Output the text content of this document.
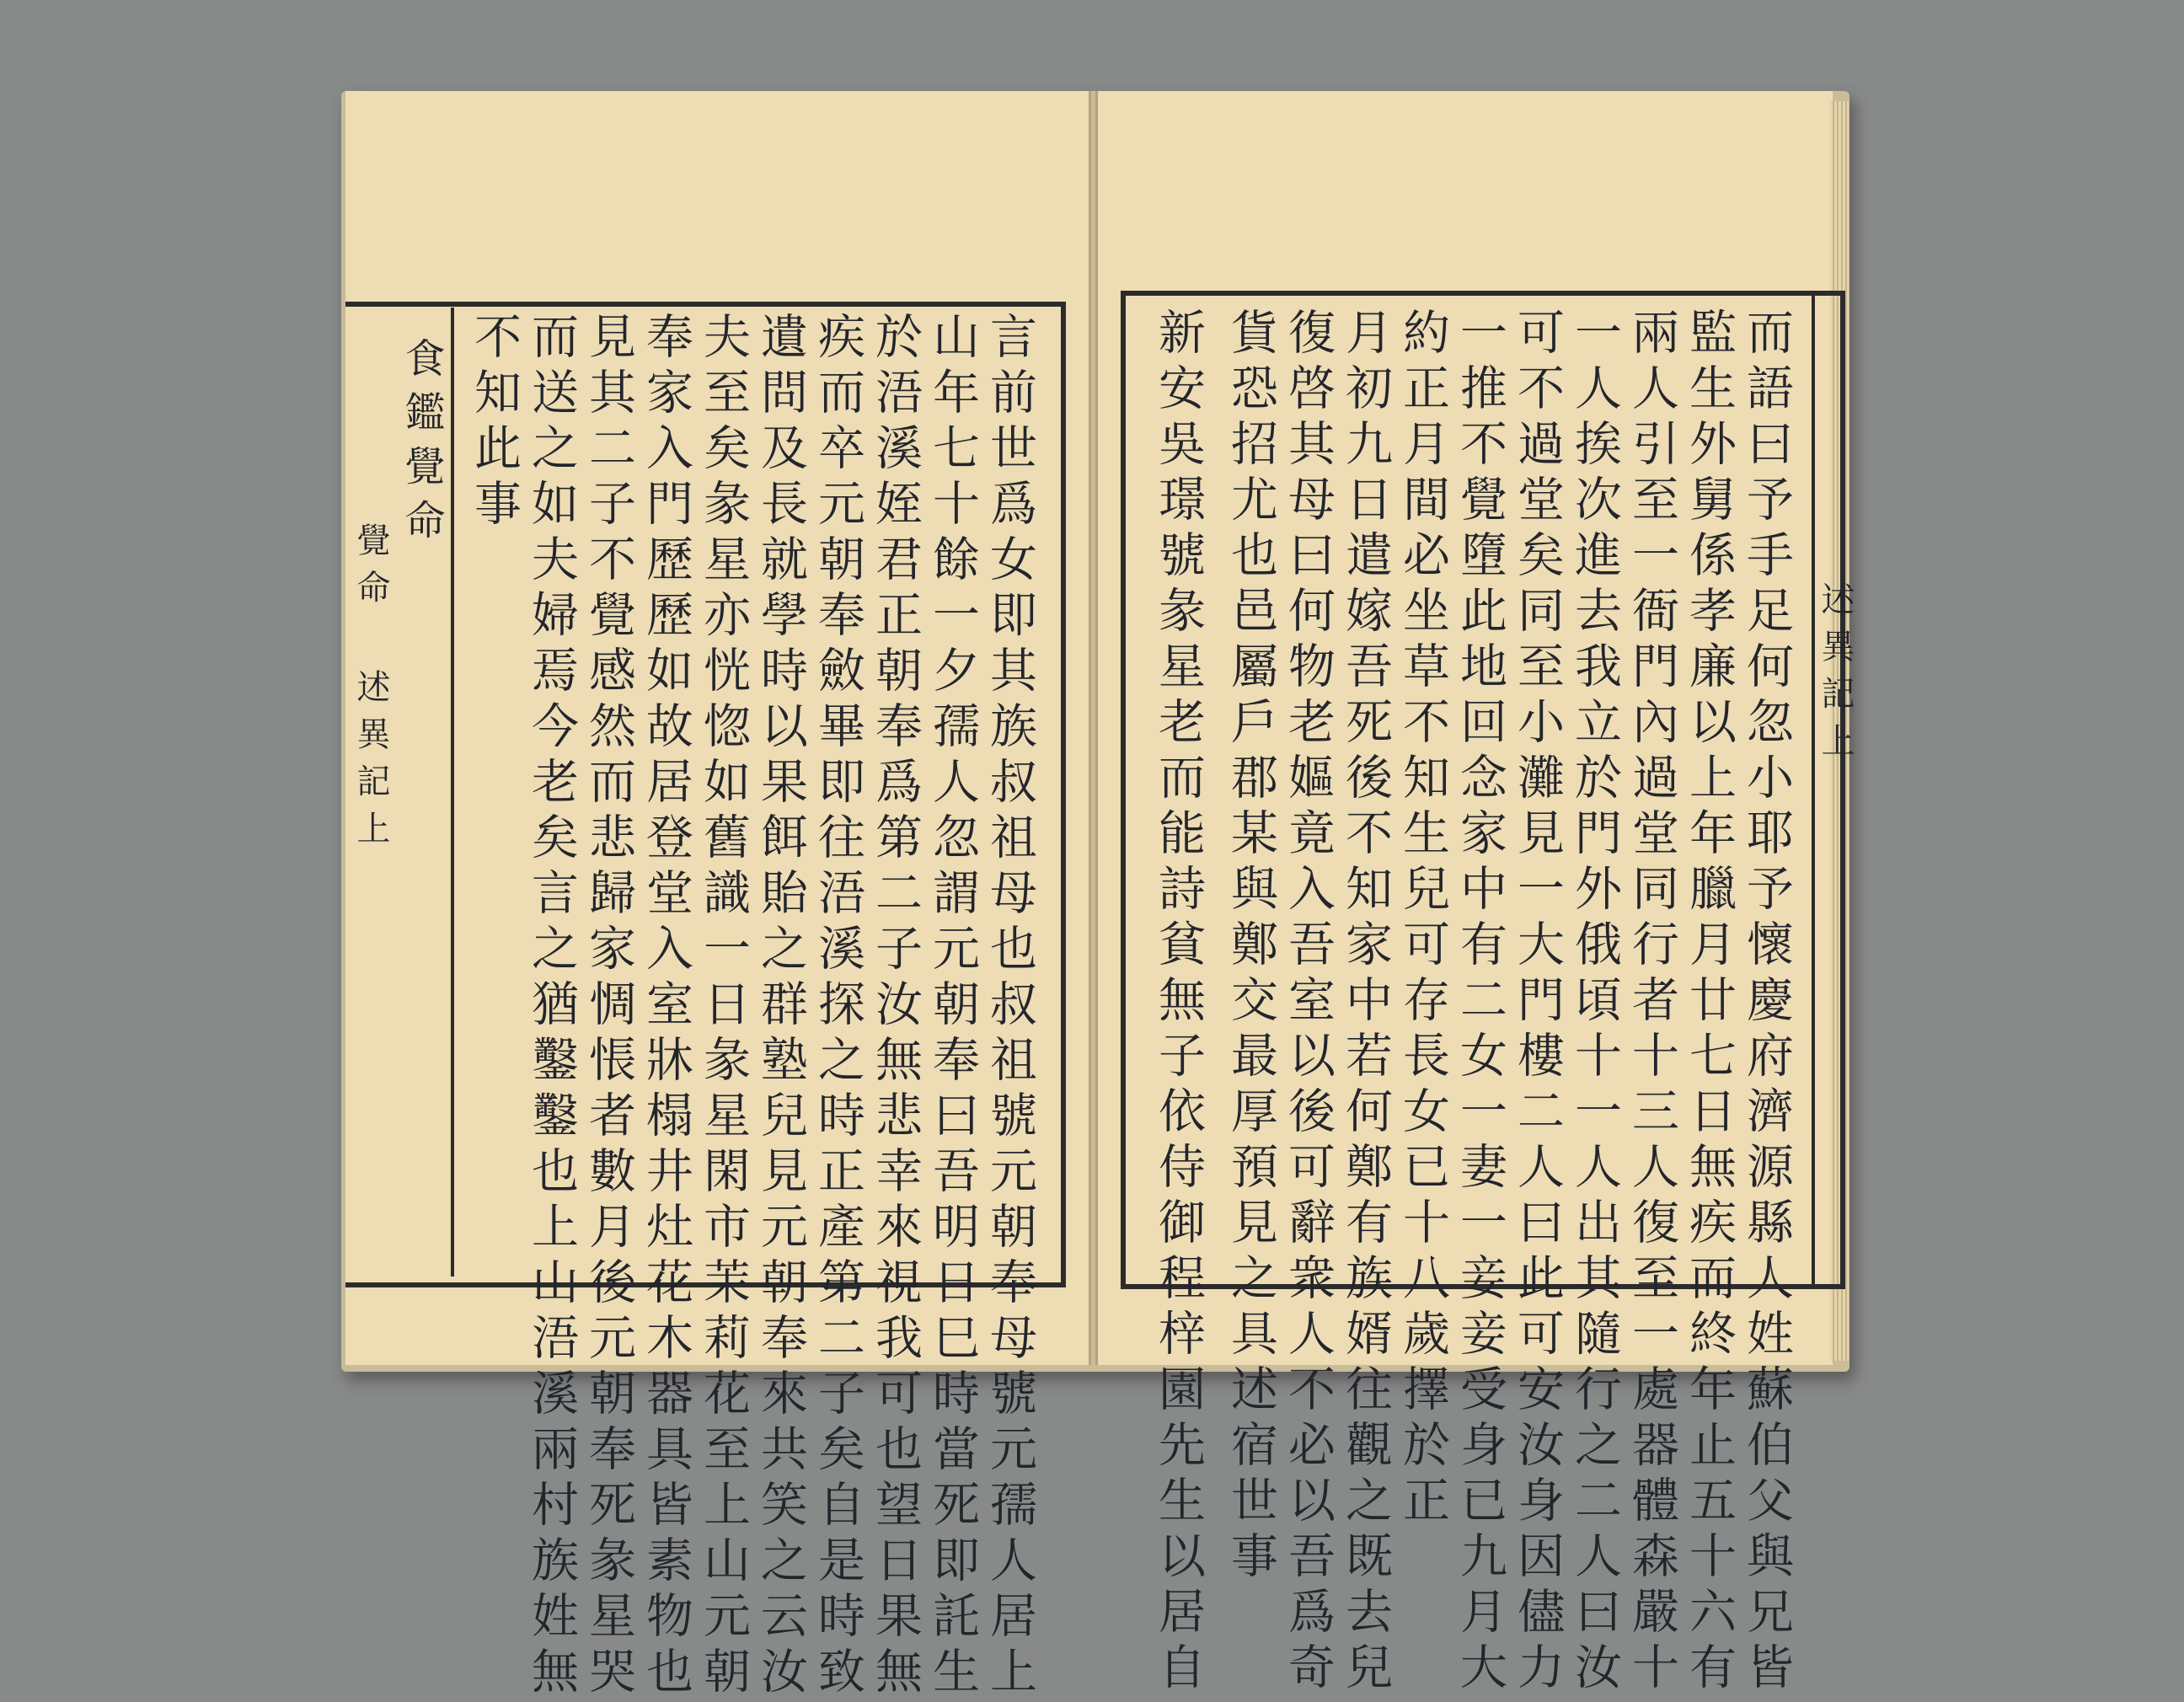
食鑑覺命
覺命 述異記上	述異記上
言前世爲女即其族叔祖母也叔祖號元朝奉母號元孺人居上
山年七十餘一夕孺人忽謂元朝奉曰吾明日巳時當死即託生
於浯溪姪君正朝奉爲第二子汝無悲幸來視我可也望日果無
疾而卒元朝奉斂畢即往浯溪探之時正產第二子矣自是時致
遺問及長就學時以果餌貽之群塾兒見元朝奉來共笑之云汝
夫至矣彖星亦恍惚如舊識一日彖星閑市茉莉花至上山元朝
奉家入門歷歷如故居登堂入室牀榻井灶花木器具皆素物也
見其二子不覺感然而悲歸家惆悵者數月後元朝奉死彖星哭
而送之如夫婦焉今老矣言之猶鑿鑿也上山浯溪兩村族姓無
不知此事	而語曰予手足何忽小耶予懷慶府濟源縣人姓蘇伯父與兄皆
監生外舅係孝廉以上年臘月廿七日無疾而終年止五十六有
兩人引至一衙門內過堂同行者十三人復至一處器體森嚴十
一人挨次進去我立於門外俄頃十一人出其隨行之二人曰汝
可不過堂矣同至小灘見一大門樓二人曰此可安汝身因儘力
一推不覺墮此地回念家中有二女一妻一妾妾受身已九月大
約正月間必坐草不知生兒可存長女已十八歲擇於正
月初九日遣嫁吾死後不知家中若何鄭有族婿往觀之既去兒
復啓其母曰何物老嫗竟入吾室以後可辭衆人不必以吾爲奇
貨恐招尤也邑屬戶郡某與鄭交最厚預見之具述宿世事
新安吳璟號彖星老而能詩貧無子依侍御程梓園先生以居自
